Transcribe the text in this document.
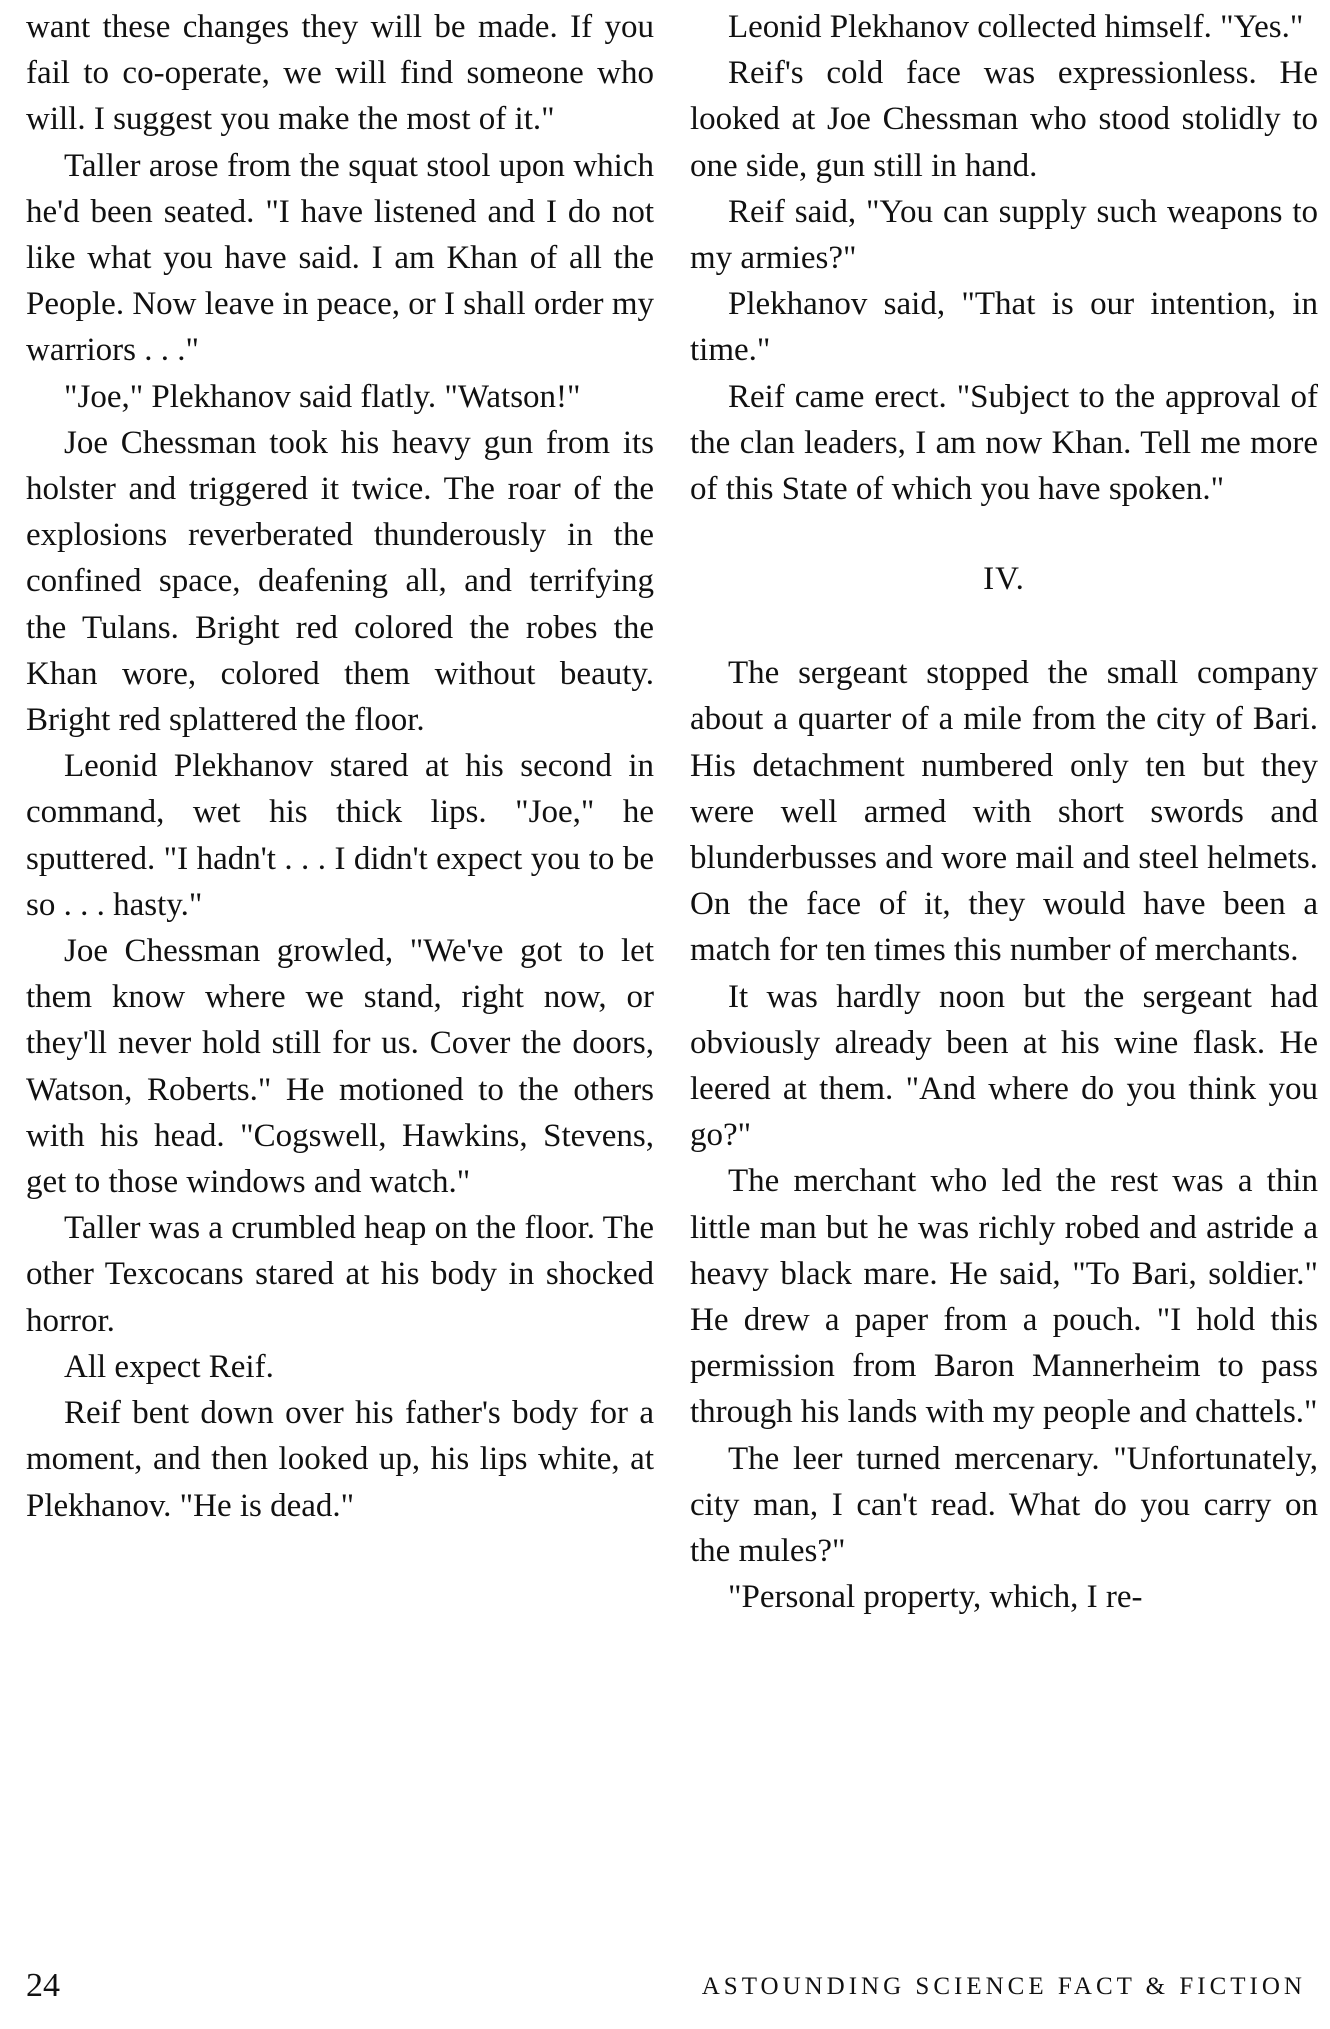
want these changes they will be made. If you fail to co-operate, we will find someone who will. I suggest you make the most of it."

Taller arose from the squat stool upon which he'd been seated. "I have listened and I do not like what you have said. I am Khan of all the People. Now leave in peace, or I shall order my warriors . . ."

"Joe," Plekhanov said flatly. "Watson!"

Joe Chessman took his heavy gun from its holster and triggered it twice. The roar of the explosions reverberated thunderously in the confined space, deafening all, and terrifying the Tulans. Bright red colored the robes the Khan wore, colored them without beauty. Bright red splattered the floor.

Leonid Plekhanov stared at his second in command, wet his thick lips. "Joe," he sputtered. "I hadn't . . . I didn't expect you to be so . . . hasty."

Joe Chessman growled, "We've got to let them know where we stand, right now, or they'll never hold still for us. Cover the doors, Watson, Roberts." He motioned to the others with his head. "Cogswell, Hawkins, Stevens, get to those windows and watch."

Taller was a crumbled heap on the floor. The other Texcocans stared at his body in shocked horror.

All expect Reif.

Reif bent down over his father's body for a moment, and then looked up, his lips white, at Plekhanov. "He is dead."

Leonid Plekhanov collected himself. "Yes."

Reif's cold face was expressionless. He looked at Joe Chessman who stood stolidly to one side, gun still in hand.

Reif said, "You can supply such weapons to my armies?"

Plekhanov said, "That is our intention, in time."

Reif came erect. "Subject to the approval of the clan leaders, I am now Khan. Tell me more of this State of which you have spoken."

IV.

The sergeant stopped the small company about a quarter of a mile from the city of Bari. His detachment numbered only ten but they were well armed with short swords and blunderbusses and wore mail and steel helmets. On the face of it, they would have been a match for ten times this number of merchants.

It was hardly noon but the sergeant had obviously already been at his wine flask. He leered at them. "And where do you think you go?"

The merchant who led the rest was a thin little man but he was richly robed and astride a heavy black mare. He said, "To Bari, soldier." He drew a paper from a pouch. "I hold this permission from Baron Mannerheim to pass through his lands with my people and chattels."

The leer turned mercenary. "Unfortunately, city man, I can't read. What do you carry on the mules?"

"Personal property, which, I re-

24	ASTOUNDING SCIENCE FACT & FICTION
